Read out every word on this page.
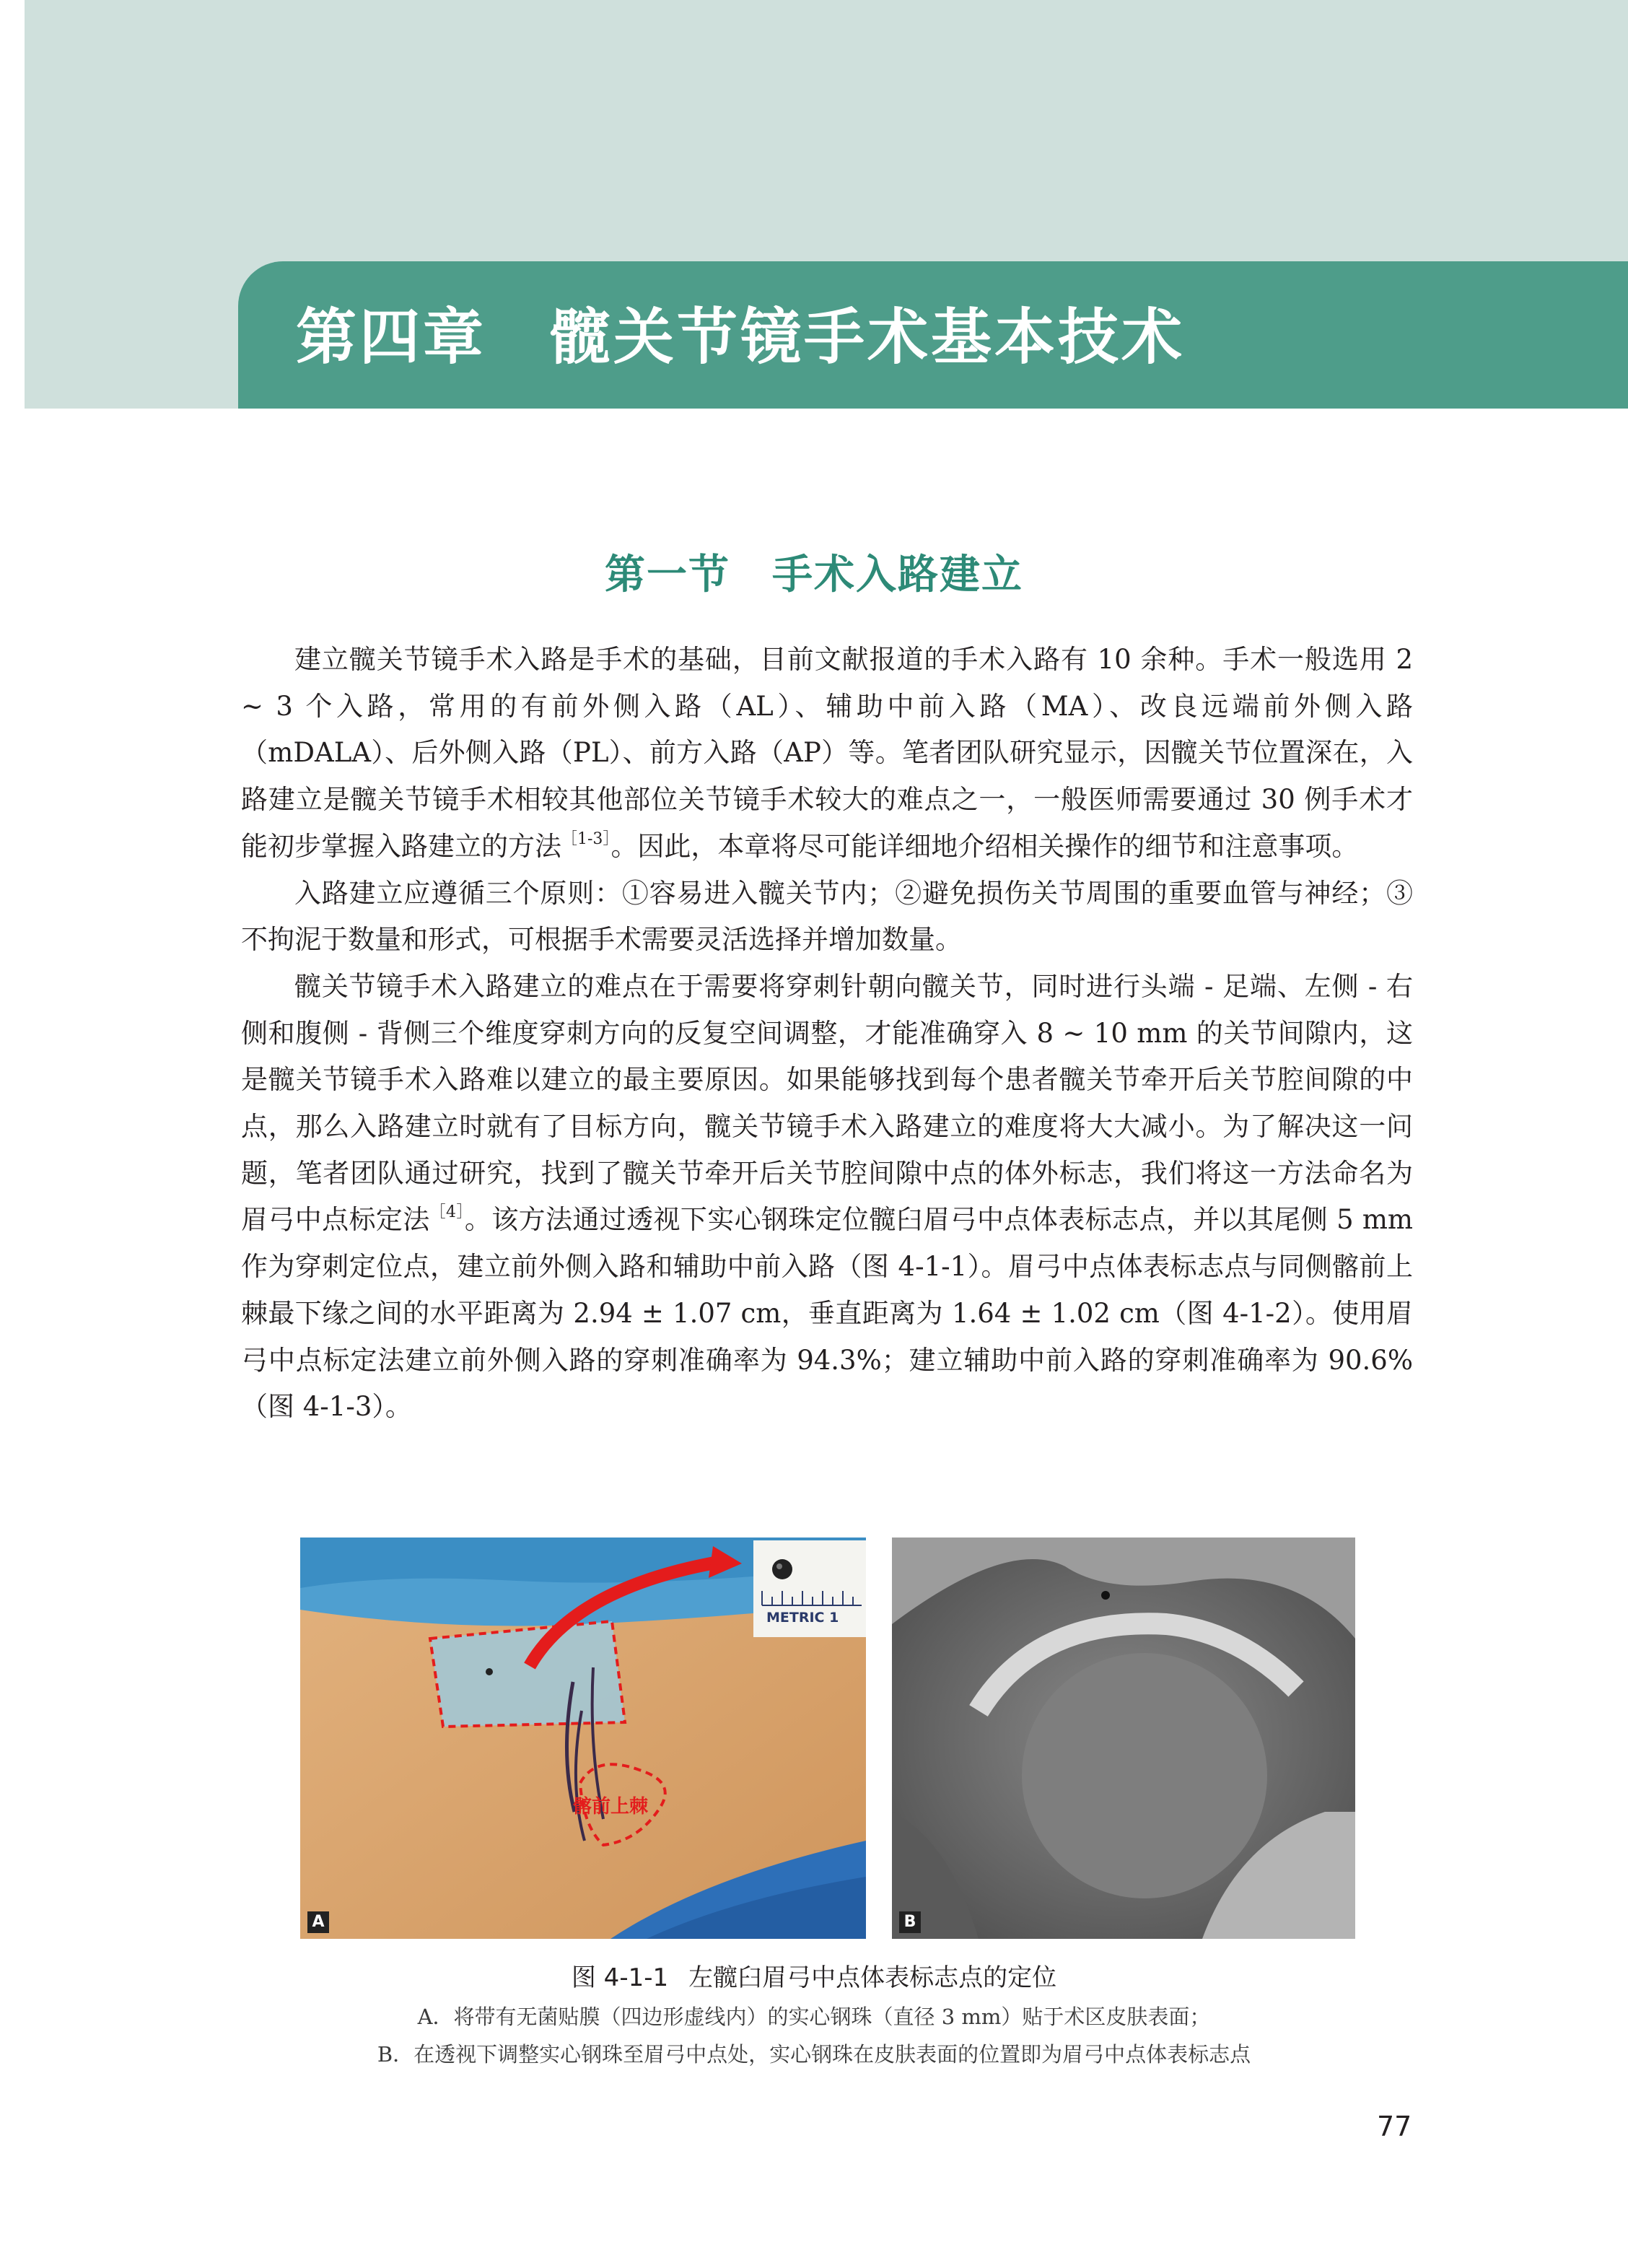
第四章　髋关节镜手术基本技术
第一节　手术入路建立

建立髋关节镜手术入路是手术的基础，目前文献报道的手术入路有 10 余种。手术一般选用 2 ~ 3 个入路，常用的有前外侧入路（AL）、辅助中前入路（MA）、改良远端前外侧入路（mDALA）、后外侧入路（PL）、前方入路（AP）等。笔者团队研究显示，因髋关节位置深在，入路建立是髋关节镜手术相较其他部位关节镜手术较大的难点之一，一般医师需要通过 30 例手术才能初步掌握入路建立的方法$^{[1-3]}$。因此，本章将尽可能详细地介绍相关操作的细节和注意事项。

入路建立应遵循三个原则：①容易进入髋关节内；②避免损伤关节周围的重要血管与神经；③不拘泥于数量和形式，可根据手术需要灵活选择并增加数量。

髋关节镜手术入路建立的难点在于需要将穿刺针朝向髋关节，同时进行头端 - 足端、左侧 - 右侧和腹侧 - 背侧三个维度穿刺方向的反复空间调整，才能准确穿入 8 ~ 10 mm 的关节间隙内，这是髋关节镜手术入路难以建立的最主要原因。如果能够找到每个患者髋关节牵开后关节腔间隙的中点，那么入路建立时就有了目标方向，髋关节镜手术入路建立的难度将大大减小。为了解决这一问题，笔者团队通过研究，找到了髋关节牵开后关节腔间隙中点的体外标志，我们将这一方法命名为眉弓中点标定法$^{[4]}$。该方法通过透视下实心钢珠定位髋臼眉弓中点体表标志点，并以其尾侧 5 mm 作为穿刺定位点，建立前外侧入路和辅助中前入路（图 4-1-1）。眉弓中点体表标志点与同侧髂前上棘最下缘之间的水平距离为 2.94 ± 1.07 cm，垂直距离为 1.64 ± 1.02 cm（图 4-1-2）。使用眉弓中点标定法建立前外侧入路的穿刺准确率为 94.3%；建立辅助中前入路的穿刺准确率为 90.6%（图 4-1-3）。

METRIC 1
髂前上棘
A	B
图 4-1-1 左髋臼眉弓中点体表标志点的定位
A．将带有无菌贴膜（四边形虚线内）的实心钢珠（直径 3 mm）贴于术区皮肤表面；
B．在透视下调整实心钢珠至眉弓中点处，实心钢珠在皮肤表面的位置即为眉弓中点体表标志点
77
